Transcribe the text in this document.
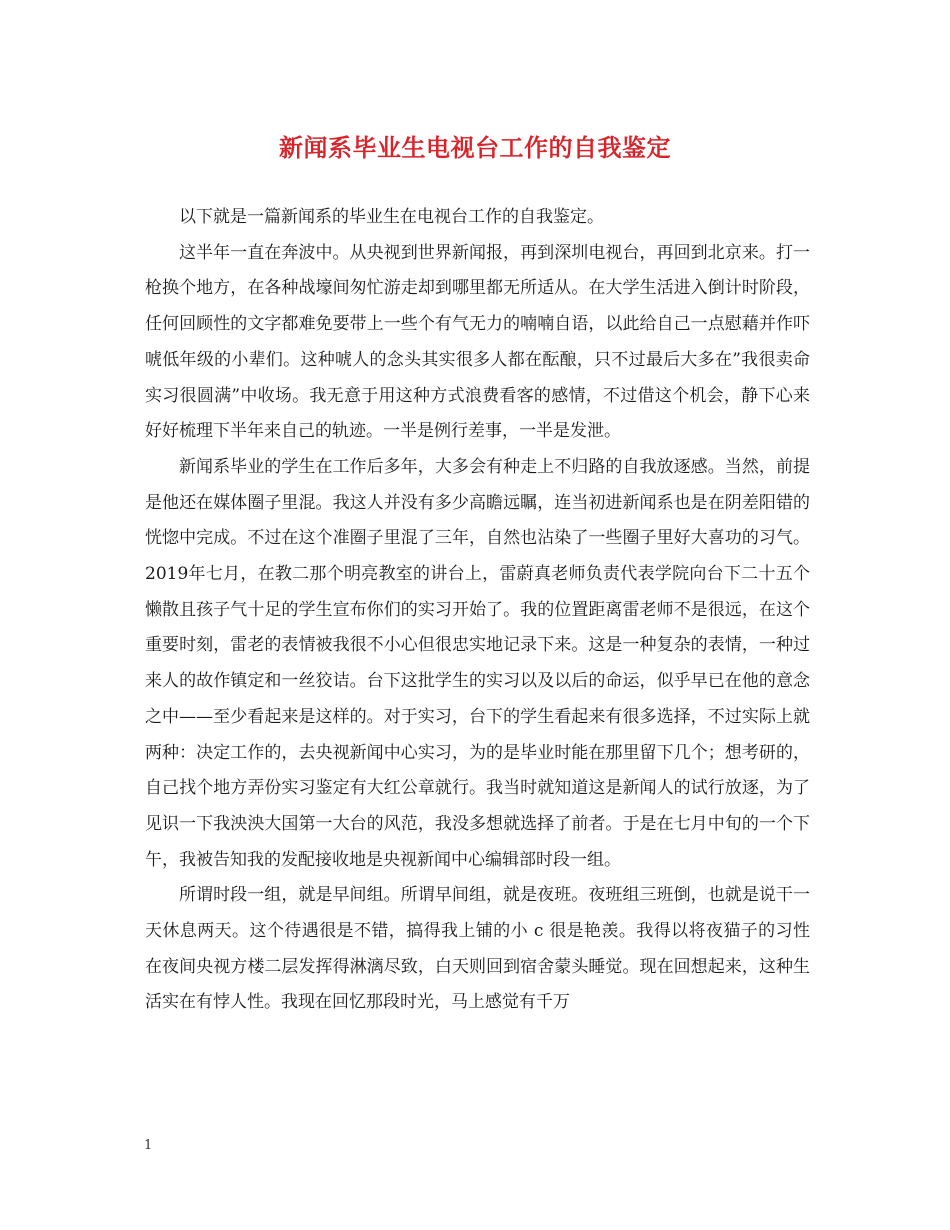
新闻系毕业生电视台工作的自我鉴定

以下就是一篇新闻系的毕业生在电视台工作的自我鉴定。

这半年一直在奔波中。从央视到世界新闻报，再到深圳电视台，再回到北京来。打一枪换个地方，在各种战壕间匆忙游走却到哪里都无所适从。在大学生活进入倒计时阶段，任何回顾性的文字都难免要带上一些个有气无力的喃喃自语，以此给自己一点慰藉并作吓唬低年级的小辈们。这种唬人的念头其实很多人都在酝酿，只不过最后大多在”我很卖命实习很圆满”中收场。我无意于用这种方式浪费看客的感情，不过借这个机会，静下心来好好梳理下半年来自己的轨迹。一半是例行差事，一半是发泄。

新闻系毕业的学生在工作后多年，大多会有种走上不归路的自我放逐感。当然，前提是他还在媒体圈子里混。我这人并没有多少高瞻远瞩，连当初进新闻系也是在阴差阳错的恍惚中完成。不过在这个准圈子里混了三年，自然也沾染了一些圈子里好大喜功的习气。2019年七月，在教二那个明亮教室的讲台上，雷蔚真老师负责代表学院向台下二十五个懒散且孩子气十足的学生宣布你们的实习开始了。我的位置距离雷老师不是很远，在这个重要时刻，雷老的表情被我很不小心但很忠实地记录下来。这是一种复杂的表情，一种过来人的故作镇定和一丝狡诘。台下这批学生的实习以及以后的命运，似乎早已在他的意念之中——至少看起来是这样的。对于实习，台下的学生看起来有很多选择，不过实际上就两种：决定工作的，去央视新闻中心实习，为的是毕业时能在那里留下几个；想考研的，自己找个地方弄份实习鉴定有大红公章就行。我当时就知道这是新闻人的试行放逐，为了见识一下我泱泱大国第一大台的风范，我没多想就选择了前者。于是在七月中旬的一个下午，我被告知我的发配接收地是央视新闻中心编辑部时段一组。

所谓时段一组，就是早间组。所谓早间组，就是夜班。夜班组三班倒，也就是说干一天休息两天。这个待遇很是不错，搞得我上铺的小 c 很是艳羡。我得以将夜猫子的习性在夜间央视方楼二层发挥得淋漓尽致，白天则回到宿舍蒙头睡觉。现在回想起来，这种生活实在有悖人性。我现在回忆那段时光，马上感觉有千万

1
